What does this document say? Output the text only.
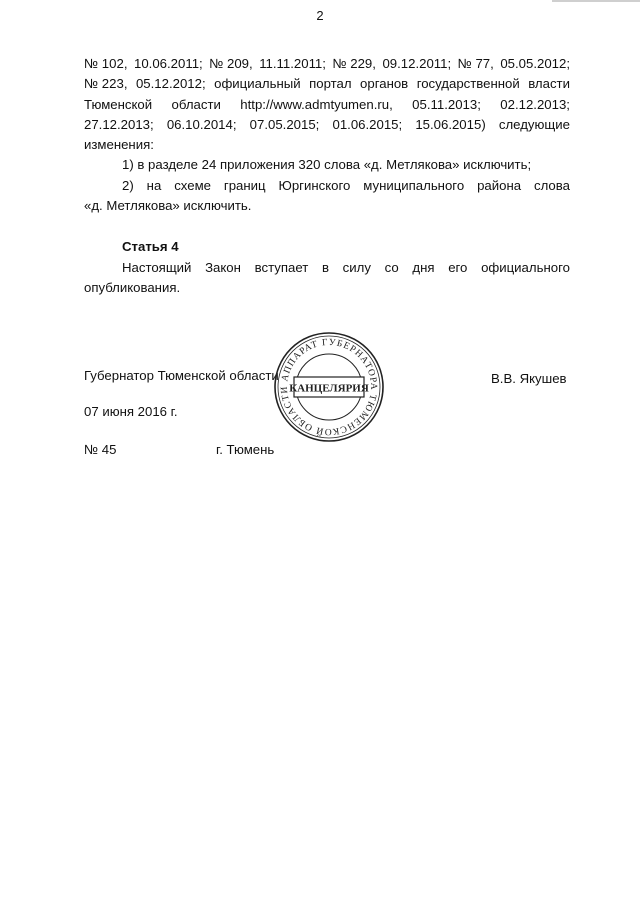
2
№ 102, 10.06.2011; № 209, 11.11.2011; № 229, 09.12.2011; № 77, 05.05.2012;
№ 223, 05.12.2012; официальный портал органов государственной власти
Тюменской области http://www.admtyumen.ru, 05.11.2013; 02.12.2013;
27.12.2013; 06.10.2014; 07.05.2015; 01.06.2015; 15.06.2015) следующие
изменения:
1) в разделе 24 приложения 320 слова «д. Метлякова» исключить;
2) на схеме границ Юргинского муниципального района слова
«д. Метлякова» исключить.
Статья 4
Настоящий Закон вступает в силу со дня его официального
опубликования.
Губернатор Тюменской области	В.В. Якушев
07 июня 2016 г.
№ 45	г. Тюмень
АППАРАТ ГУБЕРНАТОРА ТЮМЕНСКОЙ ОБЛАСТИ
КАНЦЕЛЯРИЯ
